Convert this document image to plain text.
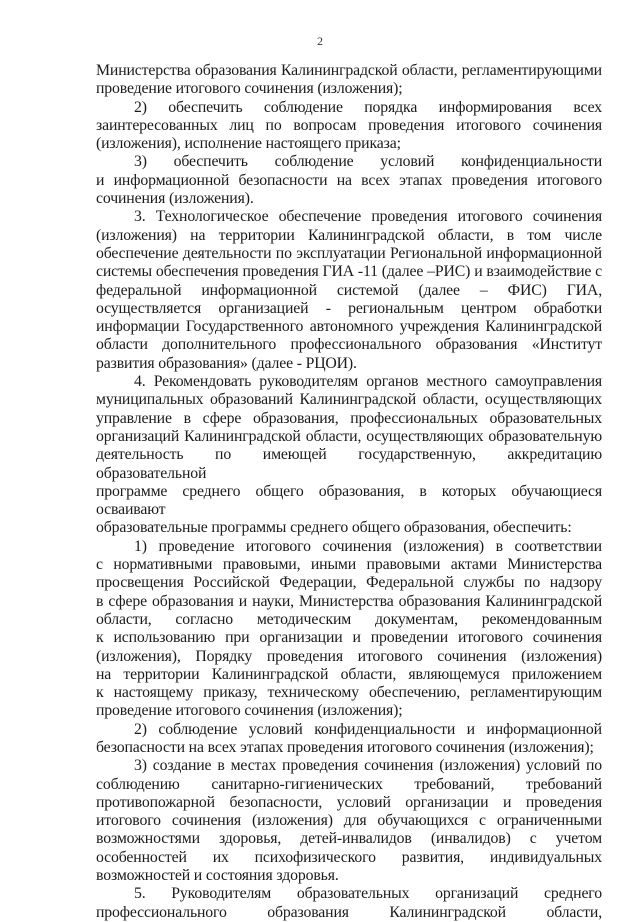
2

Министерства образования Калининградской области, регламентирующими

проведение итогового сочинения (изложения);

2) обеспечить соблюдение порядка информирования всех

заинтересованных лиц по вопросам проведения итогового сочинения

(изложения), исполнение настоящего приказа;

3) обеспечить соблюдение условий конфиденциальности

и информационной безопасности на всех этапах проведения итогового

сочинения (изложения).

3. Технологическое обеспечение проведения итогового сочинения

(изложения) на территории Калининградской области, в том числе

обеспечение деятельности по эксплуатации Региональной информационной

системы обеспечения проведения ГИА -11 (далее –РИС) и взаимодействие с

федеральной информационной системой (далее – ФИС) ГИА,

осуществляется организацией - региональным центром обработки

информации Государственного автономного учреждения Калининградской

области дополнительного профессионального образования «Институт

развития образования» (далее - РЦОИ).

4. Рекомендовать руководителям органов местного самоуправления

муниципальных образований Калининградской области, осуществляющих

управление в сфере образования, профессиональных образовательных

организаций Калининградской области, осуществляющих образовательную

деятельность по имеющей государственную, аккредитацию образовательной

программе среднего общего образования, в которых обучающиеся осваивают

образовательные программы среднего общего образования, обеспечить:

1) проведение итогового сочинения (изложения) в соответствии

с нормативными правовыми, иными правовыми актами Министерства

просвещения Российской Федерации, Федеральной службы по надзору

в сфере образования и науки, Министерства образования Калининградской

области, согласно методическим документам, рекомендованным

к использованию при организации и проведении итогового сочинения

(изложения), Порядку проведения итогового сочинения (изложения)

на территории Калининградской области, являющемуся приложением

к настоящему приказу, техническому обеспечению, регламентирующим

проведение итогового сочинения (изложения);

2) соблюдение условий конфиденциальности и информационной

безопасности на всех этапах проведения итогового сочинения (изложения);

3) создание в местах проведения сочинения (изложения) условий по

соблюдению санитарно-гигиенических требований, требований

противопожарной безопасности, условий организации и проведения

итогового сочинения (изложения) для обучающихся с ограниченными

возможностями здоровья, детей-инвалидов (инвалидов) с учетом

особенностей их психофизического развития, индивидуальных

возможностей и состояния здоровья.

5. Руководителям образовательных организаций среднего

профессионального образования Калининградской области,
